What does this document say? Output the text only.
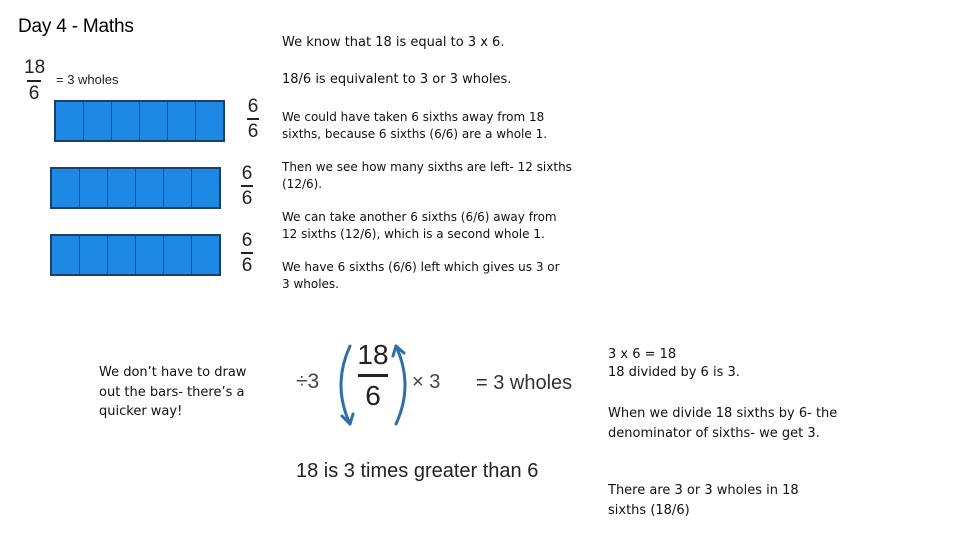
Day 4 - Maths
18
6
= 3 wholes
6
6
6
6
6
6
We know that 18 is equal to 3 x 6.
18/6 is equivalent to 3 or 3 wholes.
We could have taken 6 sixths away from 18 sixths, because 6 sixths (6/6) are a whole 1.
Then we see how many sixths are left- 12 sixths (12/6).
We can take another 6 sixths (6/6) away from 12 sixths (12/6), which is a second whole 1.
We have 6 sixths (6/6) left which gives us 3 or 3 wholes.
We don’t have to draw out the bars- there’s a quicker way!
÷3
18
6	× 3 = 3 wholes
18 is 3 times greater than 6
3 x 6 = 18
18 divided by 6 is 3.
When we divide 18 sixths by 6- the denominator of sixths- we get 3.
There are 3 or 3 wholes in 18 sixths (18/6)
